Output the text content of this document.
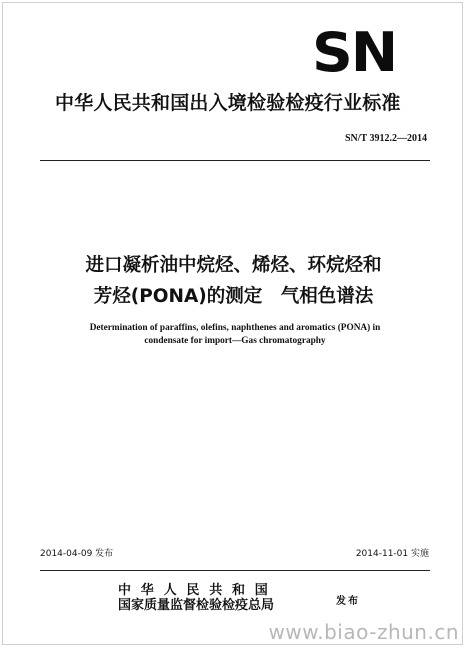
SN
中华人民共和国出入境检验检疫行业标准
SN/T 3912.2—2014
进口凝析油中烷烃、烯烃、环烷烃和
芳烃(PONA)的测定　气相色谱法
Determination of paraffins, olefins, naphthenes and aromatics (PONA) in
condensate for import—Gas chromatography
2014-04-09 发布	2014-11-01 实施
中华人民共和国
国家质量监督检验检疫总局	发布
www.biao-zhun.cn
